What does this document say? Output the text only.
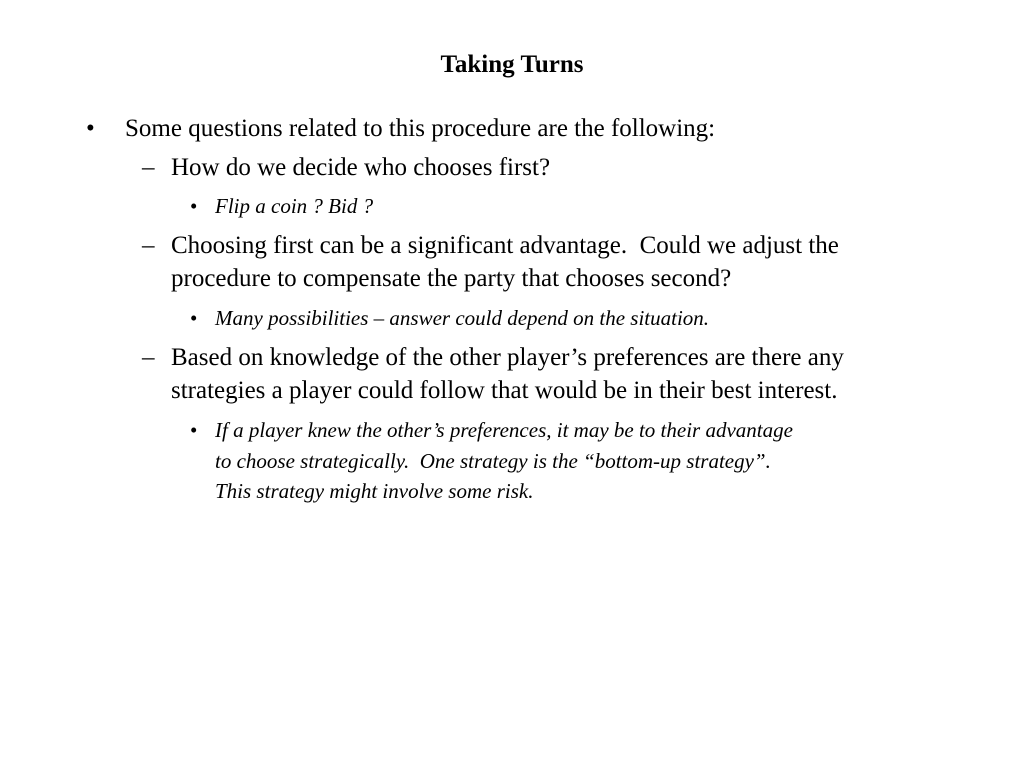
Taking Turns
• Some questions related to this procedure are the following:
– How do we decide who chooses first?
• Flip a coin ? Bid ?
– Choosing first can be a significant advantage.  Could we adjust the
procedure to compensate the party that chooses second?
• Many possibilities – answer could depend on the situation.
– Based on knowledge of the other player’s preferences are there any
strategies a player could follow that would be in their best interest.
• If a player knew the other’s preferences, it may be to their advantage
to choose strategically.  One strategy is the “bottom-up strategy”.
This strategy might involve some risk.
